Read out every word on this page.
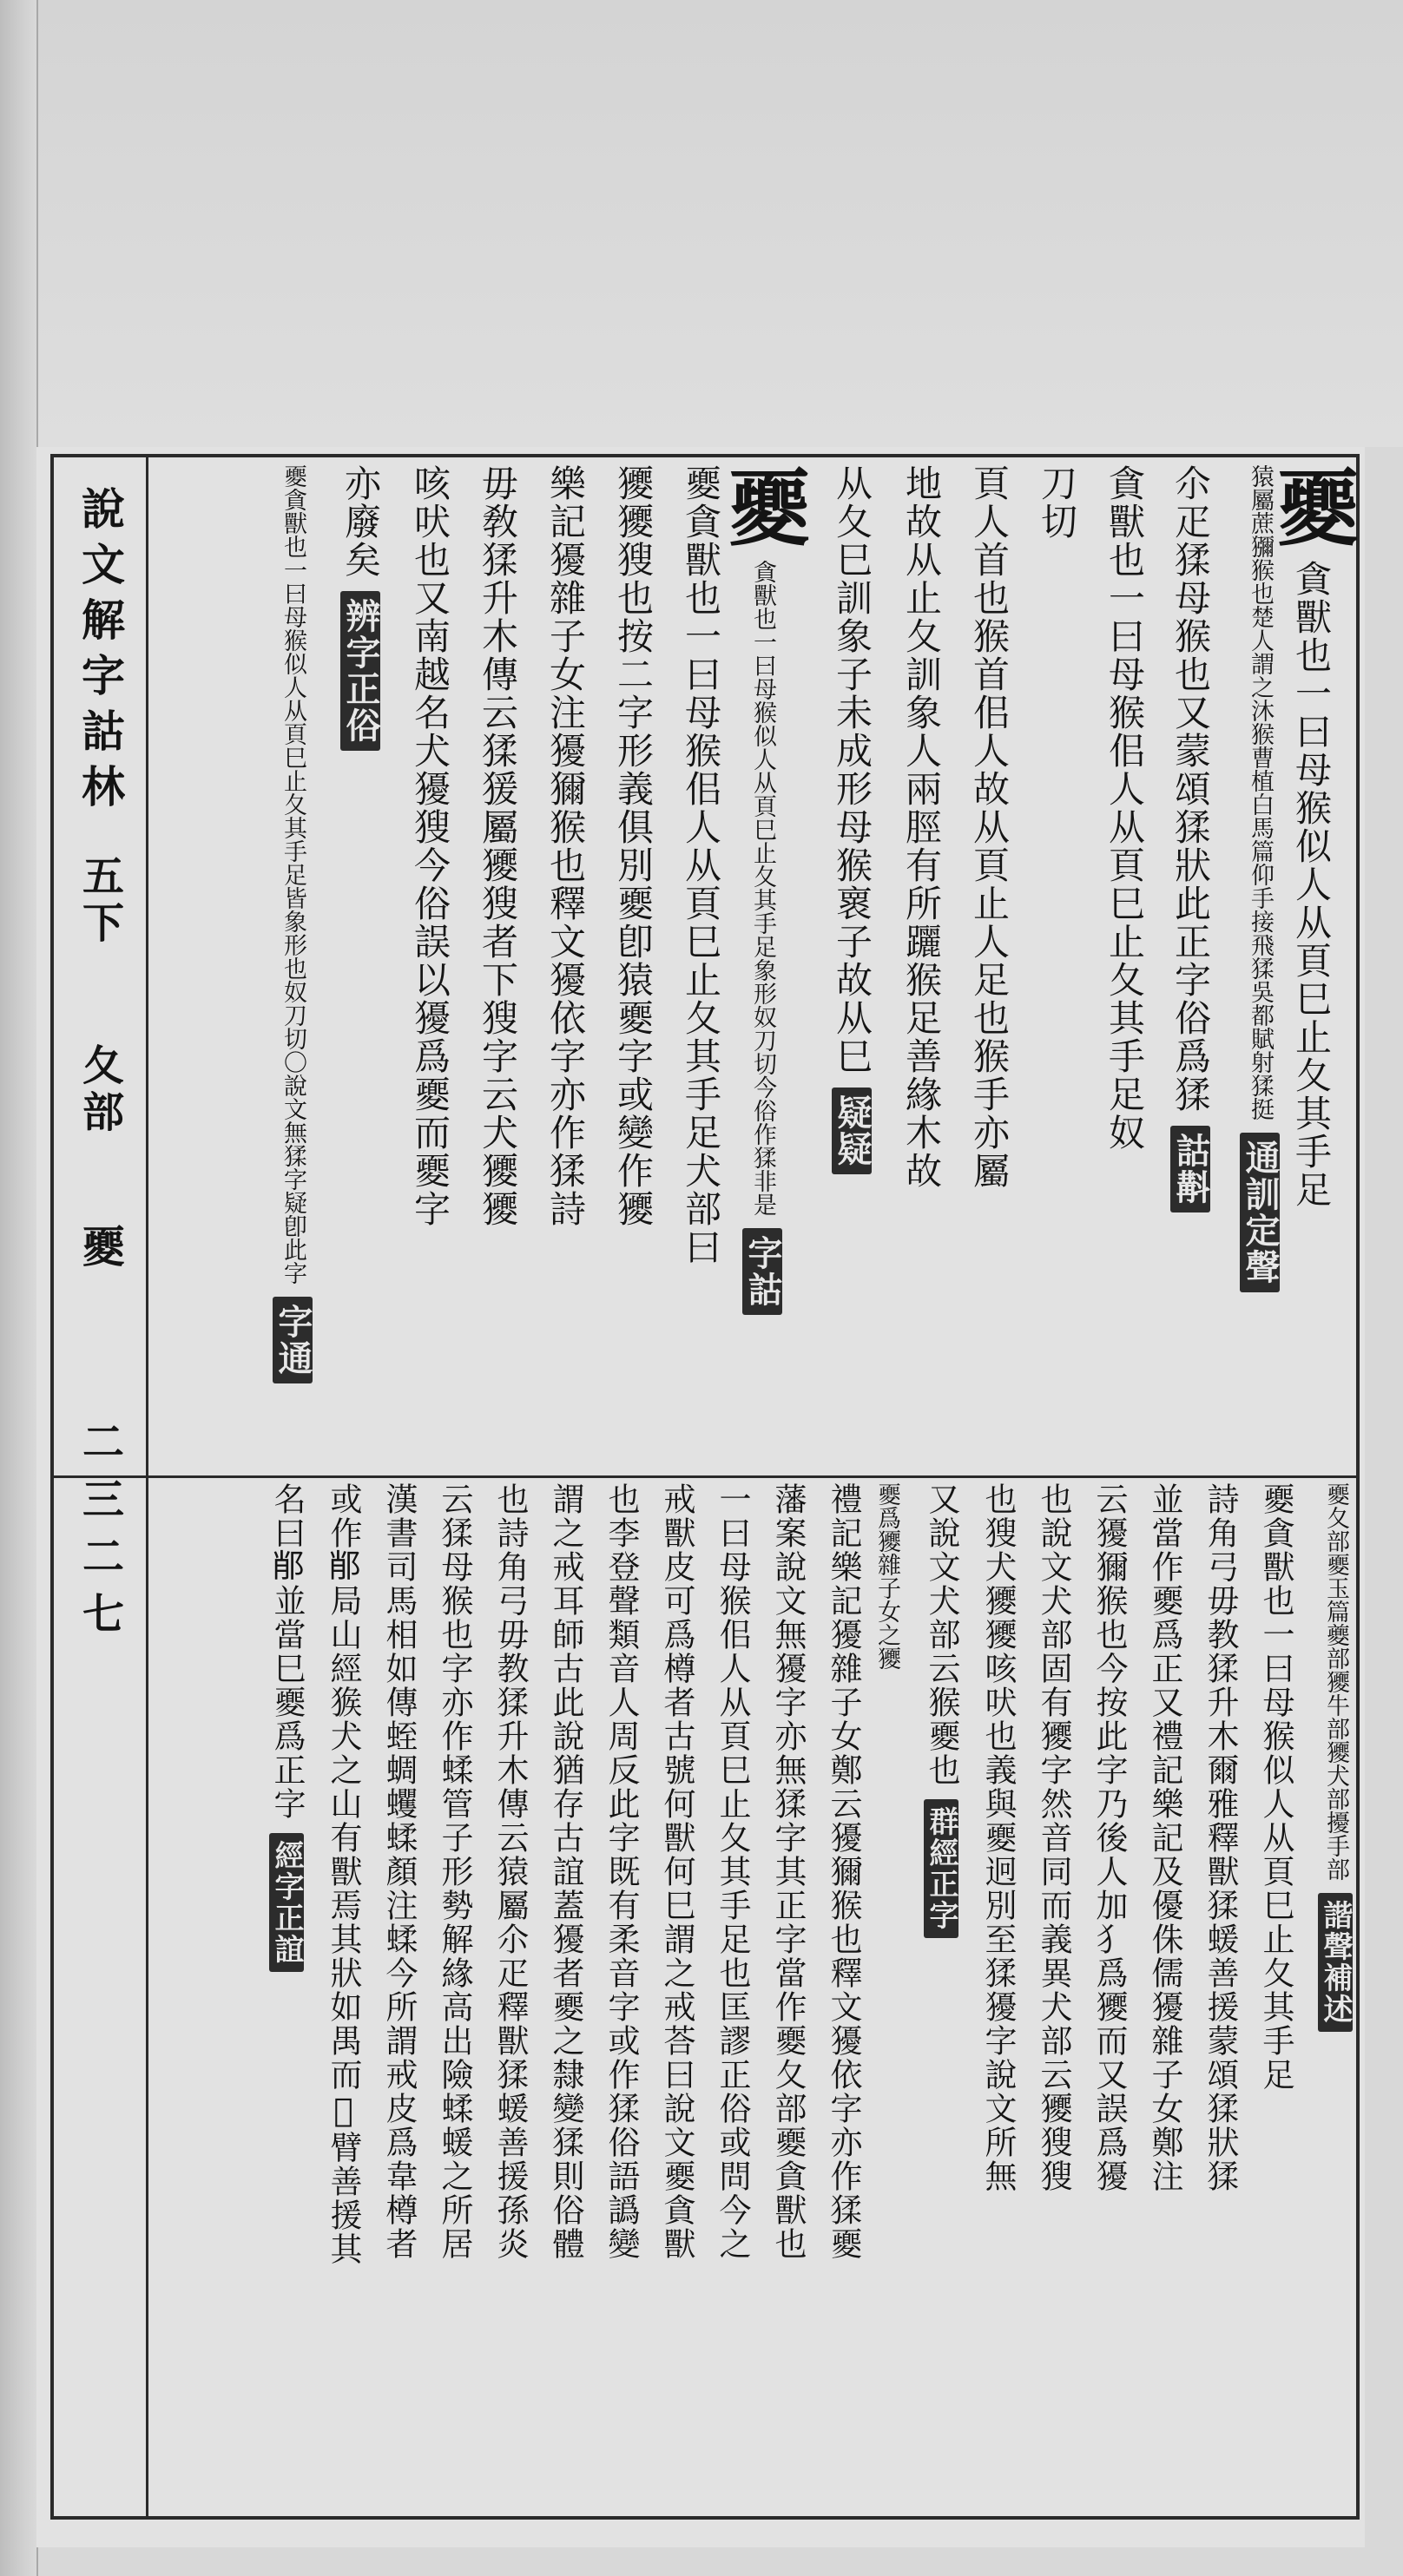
說文解字詁林
五下
夂部
夒
二三二七
夒貪獸也一曰母猴似人从頁巳止夂其手足
猿屬蔗獼猴也楚人謂之沐猴曹植白馬篇仰手接飛猱吳都賦射猱挺通訓定聲
尒疋猱母猴也又蒙頌猱狀此正字俗爲猱詁斠
貪獸也一曰母猴佀人从頁巳止夂其手足奴
刀切
頁人首也猴首佀人故从頁止人足也猴手亦屬
地故从止夂訓象人兩脛有所躧猴足善緣木故
从夂巳訓象子未成形母猴褱子故从巳疑疑
夒貪獸也一曰母猴似人从頁巳止夂其手足象形奴刀切今俗作猱非是字詁
夒貪獸也一曰母猴佀人从頁巳止夂其手足犬部曰
獿獿獀也按二字形義俱別夒卽猿夒字或變作獿
樂記獶雜子女注獶獮猴也釋文獶依字亦作猱詩
毋敎猱升木傳云猱猨屬獿獀者下獀字云犬獿獿
咳吠也又南越名犬獶獀今俗誤以獶爲夒而夒字
亦廢矣辨字正俗
夒貪獸也一曰母猴似人从頁巳止夂其手足皆象形也奴刀切〇說文無猱字疑卽此字字通
夒夂部夒玉篇夔部獿牛部獿犬部擾手部諧聲補述
夒貪獸也一曰母猴似人从頁巳止夂其手足
詩角弓毋教猱升木爾雅釋獸猱蝯善援蒙頌猱狀猱
並當作夒爲正又禮記樂記及優侏儒獶雜子女鄭注
云獶獮猴也今按此字乃後人加犭爲獿而又誤爲獶
也說文犬部固有獿字然音同而義異犬部云獿獀獀
也獀犬獿獿咳吠也義與夒迥別至猱獶字說文所無
又說文犬部云猴夒也群經正字
夒爲獿雜子女之獿
禮記樂記獶雜子女鄭云獶獮猴也釋文獶依字亦作猱夒
藩案說文無獶字亦無猱字其正字當作夒夂部夒貪獸也
一曰母猴佀人从頁巳止夂其手足也匡謬正俗或問今之
戒獸皮可爲樽者古號何獸何巳謂之戒荅曰說文夒貪獸
也李登聲類音人周反此字既有柔音字或作猱俗語譌變
謂之戒耳師古此說猶存古誼蓋獶者夒之隸變猱則俗體
也詩角弓毋教猱升木傳云猿屬尒疋釋獸猱蝯善援孫炎
云猱母猴也字亦作蝚管子形勢解緣高出險蝚蝯之所居
漢書司馬相如傳蛭蜩蠼蝚顏注蝚今所謂戒皮爲韋樽者
或作𨛍局山經㺅犬之山有獸焉其狀如禺而𥘿臂善援其
名曰𨛍並當巳夒爲正字經字正誼
